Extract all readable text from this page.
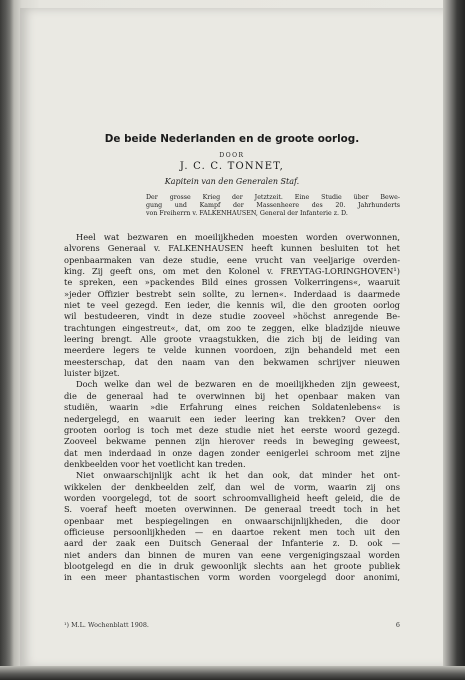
De beide Nederlanden en de groote oorlog.
DOOR
J. C. C. TONNET,
Kapitein van den Generalen Staf.
Der grosse Krieg der Jetztzeit. Eine Studie über Bewe-
gung und Kampf der Massenheere des 20. Jahrhunderts
von Freiherrn v. FALKENHAUSEN, General der Infanterie z. D.
Heel wat bezwaren en moeilijkheden moesten worden overwonnen,
alvorens Generaal v. FALKENHAUSEN heeft kunnen besluiten tot het
openbaarmaken van deze studie, eene vrucht van veeljarige overden-
king. Zij geeft ons, om met den Kolonel v. FREYTAG-LORINGHOVEN¹)
te spreken, een »packendes Bild eines grossen Volkerringens«, waaruit
»jeder Offizier bestrebt sein sollte, zu lernen«. Inderdaad is daarmede
niet te veel gezegd. Een ieder, die kennis wil, die den grooten oorlog
wil bestudeeren, vindt in deze studie zooveel »höchst anregende Be-
trachtungen eingestreut«, dat, om zoo te zeggen, elke bladzijde nieuwe
leering brengt. Alle groote vraagstukken, die zich bij de leiding van
meerdere legers te velde kunnen voordoen, zijn behandeld met een
meesterschap, dat den naam van den bekwamen schrijver nieuwen
luister bijzet.
Doch welke dan wel de bezwaren en de moeilijkheden zijn geweest,
die de generaal had te overwinnen bij het openbaar maken van
studiën, waarin »die Erfahrung eines reichen Soldatenlebens« is
nedergelegd, en waaruit een ieder leering kan trekken? Over den
grooten oorlog is toch met deze studie niet het eerste woord gezegd.
Zooveel bekwame pennen zijn hierover reeds in beweging geweest,
dat men inderdaad in onze dagen zonder eenigerlei schroom met zijne
denkbeelden voor het voetlicht kan treden.
Niet onwaarschijnlijk acht ik het dan ook, dat minder het ont-
wikkelen der denkbeelden zelf, dan wel de vorm, waarin zij ons
worden voorgelegd, tot de soort schroomvalligheid heeft geleid, die de
S. voeraf heeft moeten overwinnen. De generaal treedt toch in het
openbaar met bespiegelingen en onwaarschijnlijkheden, die door
officieuse persoonlijkheden — en daartoe rekent men toch uit den
aard der zaak een Duitsch Generaal der Infanterie z. D. ook —
niet anders dan binnen de muren van eene vergenigingszaal worden
blootgelegd en die in druk gewoonlijk slechts aan het groote publiek
in een meer phantastischen vorm worden voorgelegd door anonimi,
¹) M.L. Wochenblatt 1908.	6
